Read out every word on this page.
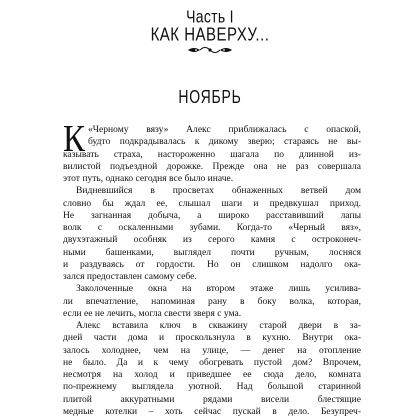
Часть I
КАК НАВЕРХУ...
НОЯБРЬ
К «Черному вязу» Алекс приближалась с опаской,
будто подкрадывалась к дикому зверю; стараясь не вы-
казывать страха, настороженно шагала по длинной из-
вилистой подъездной дорожке. Прежде она не раз совершала
этот путь, однако сегодня все было иначе.
Видневшийся в просветах обнаженных ветвей дом
словно бы ждал ее, слышал шаги и предвкушал приход.
Не загнанная добыча, а широко расставивший лапы
волк с оскаленными зубами. Когда-то «Черный вяз»,
двухэтажный особняк из серого камня с остроконеч-
ными башенками, выглядел почти ручным, лосняся
и раздуваясь от гордости. Но он слишком надолго ока-
зался предоставлен самому себе.
Заколоченные окна на втором этаже лишь усилива-
ли впечатление, напоминая рану в боку волка, которая,
если ее не лечить, могла свести зверя с ума.
Алекс вставила ключ в скважину старой двери в за-
дней части дома и проскользнула в кухню. Внутри ока-
залось холоднее, чем на улице, — денег на отопление
не было. Да и к чему обогревать пустой дом? Впрочем,
несмотря на холод и приведшее ее сюда дело, комната
по-прежнему выглядела уютной. Над большой старинной
плитой аккуратными рядами висели блестящие
медные котелки – хоть сейчас пускай в дело. Безупреч-
